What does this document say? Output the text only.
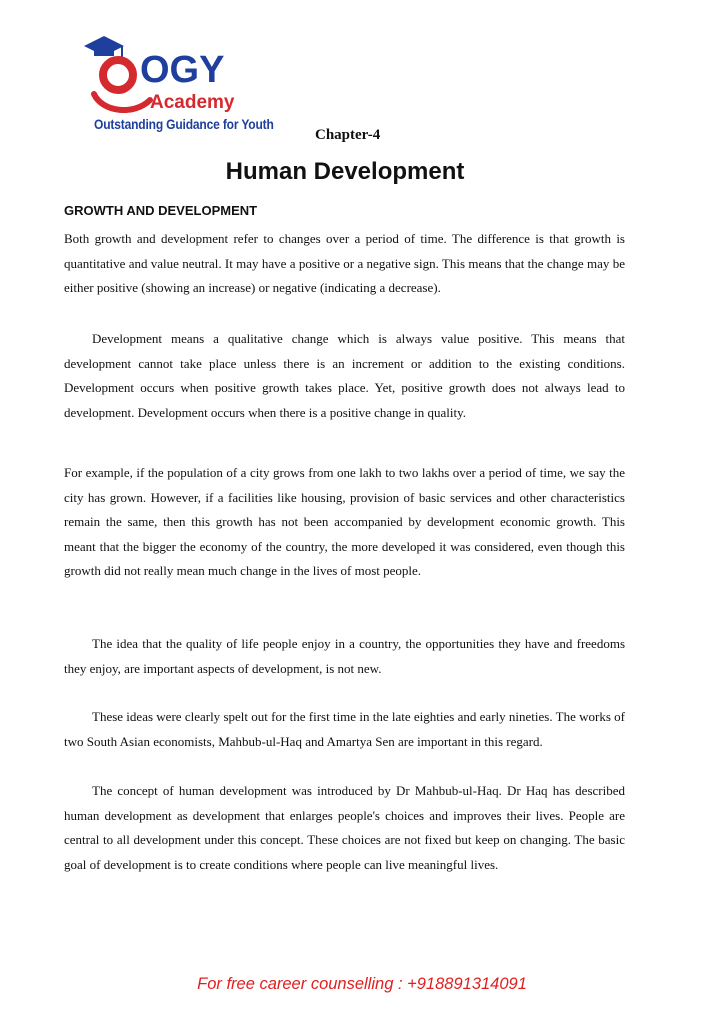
OGY
Academy
Outstanding Guidance for Youth
Chapter-4
Human Development
GROWTH AND DEVELOPMENT

Both growth and development refer to changes over a period of time. The difference is that growth is quantitative and value neutral. It may have a positive or a negative sign. This means that the change may be either positive (showing an increase) or negative (indicating a decrease).

Development means a qualitative change which is always value positive. This means that development cannot take place unless there is an increment or addition to the existing conditions. Development occurs when positive growth takes place. Yet, positive growth does not always lead to development. Development occurs when there is a positive change in quality.

For example, if the population of a city grows from one lakh to two lakhs over a period of time, we say the city has grown. However, if a facilities like housing, provision of basic services and other characteristics remain the same, then this growth has not been accompanied by development economic growth. This meant that the bigger the economy of the country, the more developed it was considered, even though this growth did not really mean much change in the lives of most people.

The idea that the quality of life people enjoy in a country, the opportunities they have and freedoms they enjoy, are important aspects of development, is not new.

These ideas were clearly spelt out for the first time in the late eighties and early nineties. The works of two South Asian economists, Mahbub-ul-Haq and Amartya Sen are important in this regard.

The concept of human development was introduced by Dr Mahbub-ul-Haq. Dr Haq has described human development as development that enlarges people's choices and improves their lives. People are central to all development under this concept. These choices are not fixed but keep on changing. The basic goal of development is to create conditions where people can live meaningful lives.

For free career counselling : +918891314091
